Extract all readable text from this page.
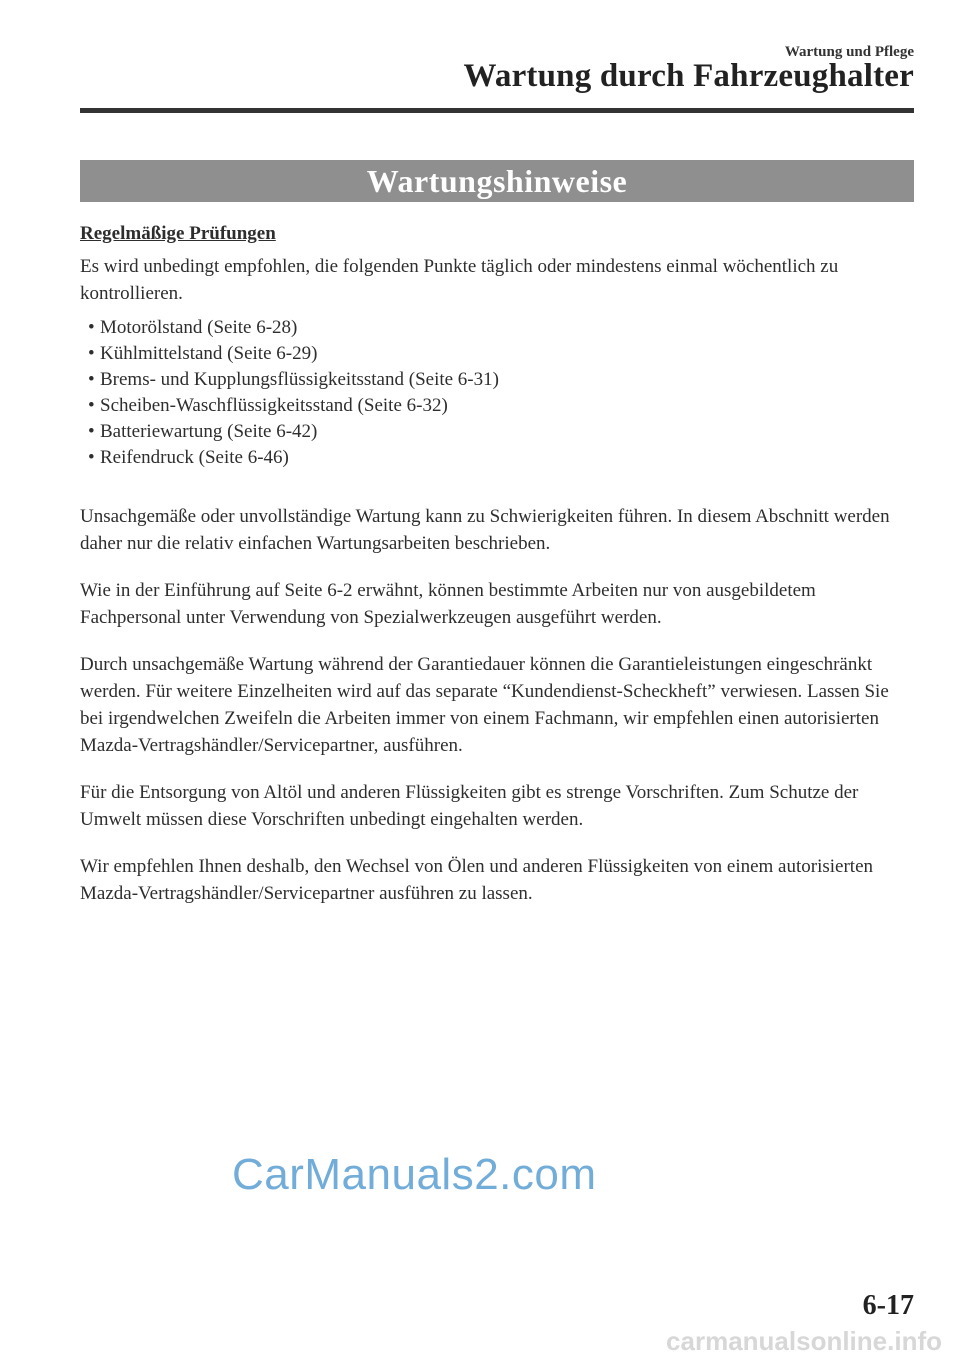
Wartung und Pflege
Wartung durch Fahrzeughalter
Wartungshinweise
Regelmäßige Prüfungen

Es wird unbedingt empfohlen, die folgenden Punkte täglich oder mindestens einmal wöchentlich zu kontrollieren.

• Motorölstand (Seite 6-28)
• Kühlmittelstand (Seite 6-29)
• Brems- und Kupplungsflüssigkeitsstand (Seite 6-31)
• Scheiben-Waschflüssigkeitsstand (Seite 6-32)
• Batteriewartung (Seite 6-42)
• Reifendruck (Seite 6-46)

Unsachgemäße oder unvollständige Wartung kann zu Schwierigkeiten führen. In diesem Abschnitt werden daher nur die relativ einfachen Wartungsarbeiten beschrieben.

Wie in der Einführung auf Seite 6-2 erwähnt, können bestimmte Arbeiten nur von ausgebildetem Fachpersonal unter Verwendung von Spezialwerkzeugen ausgeführt werden.

Durch unsachgemäße Wartung während der Garantiedauer können die Garantieleistungen eingeschränkt werden. Für weitere Einzelheiten wird auf das separate “Kundendienst-Scheckheft” verwiesen. Lassen Sie bei irgendwelchen Zweifeln die Arbeiten immer von einem Fachmann, wir empfehlen einen autorisierten Mazda-Vertragshändler/Servicepartner, ausführen.

Für die Entsorgung von Altöl und anderen Flüssigkeiten gibt es strenge Vorschriften. Zum Schutze der Umwelt müssen diese Vorschriften unbedingt eingehalten werden.

Wir empfehlen Ihnen deshalb, den Wechsel von Ölen und anderen Flüssigkeiten von einem autorisierten Mazda-Vertragshändler/Servicepartner ausführen zu lassen.

CarManuals2.com
6-17
carmanualsonline.info
